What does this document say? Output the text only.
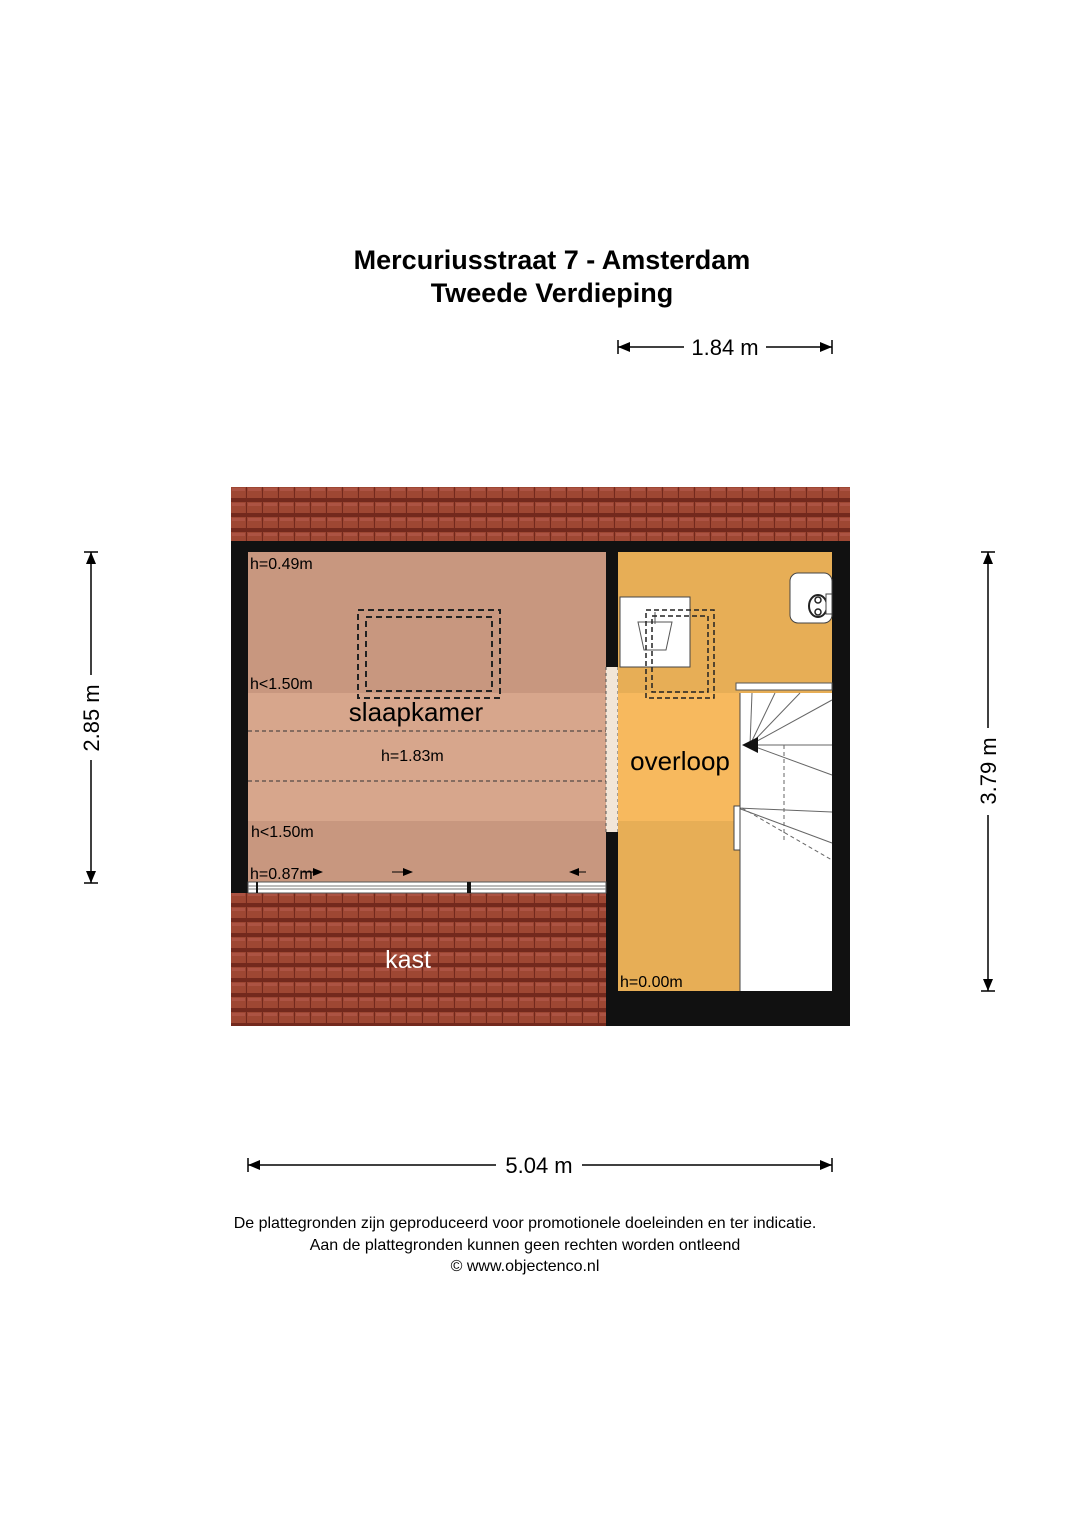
Mercuriusstraat 7 - Amsterdam
Tweede Verdieping
1.84 m
5.04 m
2.85 m
3.79 m
slaapkamer
overloop
kast
h=0.49m
h<1.50m
h=1.83m
h<1.50m
h=0.87m
h=0.00m
De plattegronden zijn geproduceerd voor promotionele doeleinden en ter indicatie.
Aan de plattegronden kunnen geen rechten worden ontleend
© www.objectenco.nl
